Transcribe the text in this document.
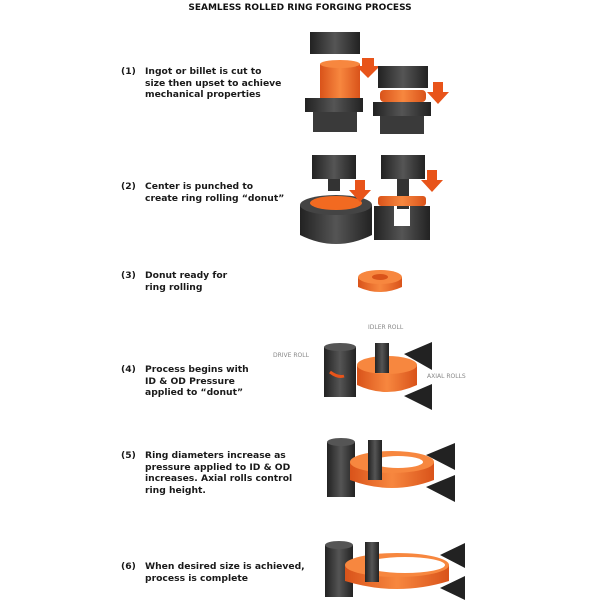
SEAMLESS ROLLED RING FORGING PROCESS
(1)	Ingot or billet is cut to
size then upset to achieve
mechanical properties
(2)	Center is punched to
create ring rolling “donut”
(3)	Donut ready for
ring rolling
(4)	Process begins with
ID & OD Pressure
applied to “donut”
(5)	Ring diameters increase as
pressure applied to ID & OD
increases. Axial rolls control
ring height.
(6)	When desired size is achieved,
process is complete
DRIVE ROLL
IDLER ROLL
AXIAL ROLLS
